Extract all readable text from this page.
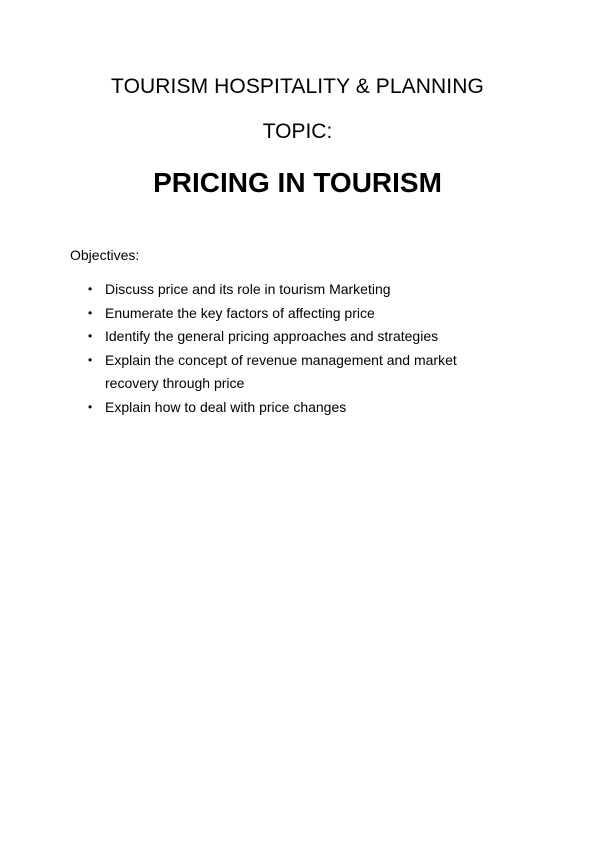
TOURISM HOSPITALITY & PLANNING
TOPIC:
PRICING IN TOURISM
Objectives:
• Discuss price and its role in tourism Marketing
• Enumerate the key factors of affecting price
• Identify the general pricing approaches and strategies
• Explain the concept of revenue management and market recovery through price
• Explain how to deal with price changes
